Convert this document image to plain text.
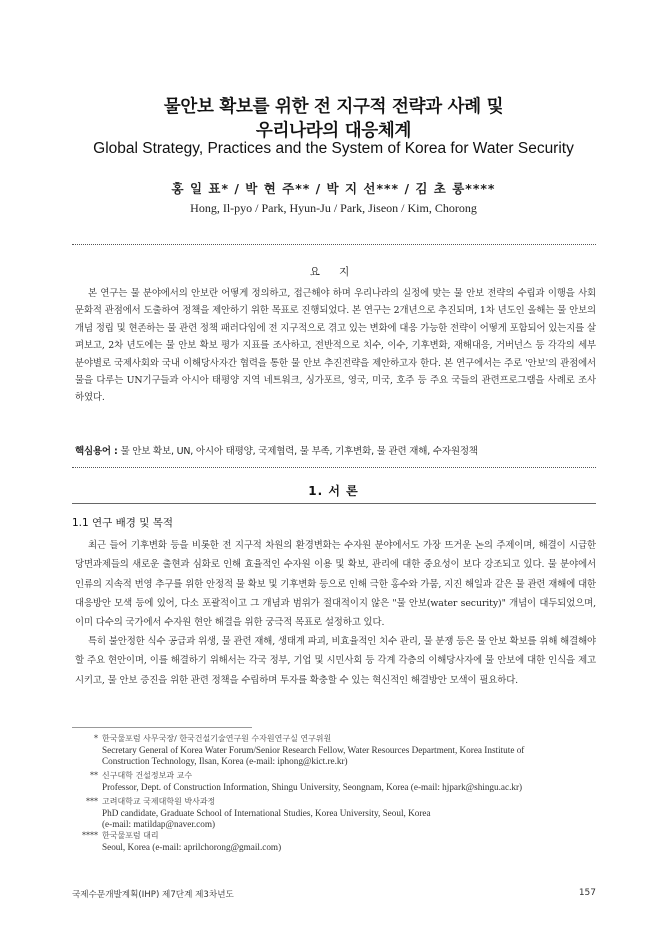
물안보 확보를 위한 전 지구적 전략과 사례 및
우리나라의 대응체계
Global Strategy, Practices and the System of Korea for Water Security
홍 일 표* / 박 현 주** / 박 지 선*** / 김 초 롱****
Hong, Il-pyo / Park, Hyun-Ju / Park, Jiseon / Kim, Chorong
요 지
본 연구는 물 분야에서의 안보란 어떻게 정의하고, 접근해야 하며 우리나라의 실정에 맞는 물 안보 전략의 수립과 이행을 사회문화적 관점에서 도출하여 정책을 제안하기 위한 목표로 진행되었다. 본 연구는 2개년으로 추진되며, 1차 년도인 올해는 물 안보의 개념 정립 및 현존하는 물 관련 정책 패러다임에 전 지구적으로 겪고 있는 변화에 대응 가능한 전략이 어떻게 포함되어 있는지를 살펴보고, 2차 년도에는 물 안보 확보 평가 지표를 조사하고, 전반적으로 치수, 이수, 기후변화, 재해대응, 거버넌스 등 각각의 세부 분야별로 국제사회와 국내 이해당사자간 협력을 통한 물 안보 추진전략을 제안하고자 한다. 본 연구에서는 주로 '안보'의 관점에서 물을 다루는 UN기구들과 아시아 태평양 지역 네트워크, 싱가포르, 영국, 미국, 호주 등 주요 국들의 관련프로그램을 사례로 조사하였다.
핵심용어 : 물 안보 확보, UN, 아시아 태평양, 국제협력, 물 부족, 기후변화, 물 관련 재해, 수자원정책
1. 서 론
1.1 연구 배경 및 목적

최근 들어 기후변화 등을 비롯한 전 지구적 차원의 환경변화는 수자원 분야에서도 가장 뜨거운 논의 주제이며, 해결이 시급한 당면과제들의 새로운 출현과 심화로 인해 효율적인 수자원 이용 및 확보, 관리에 대한 중요성이 보다 강조되고 있다. 물 분야에서 인류의 지속적 번영 추구를 위한 안정적 물 확보 및 기후변화 등으로 인해 극한 홍수와 가뭄, 지진 해일과 같은 물 관련 재해에 대한 대응방안 모색 등에 있어, 다소 포괄적이고 그 개념과 범위가 절대적이지 않은 "물 안보(water security)" 개념이 대두되었으며, 이미 다수의 국가에서 수자원 현안 해결을 위한 궁극적 목표로 설정하고 있다.

특히 불안정한 식수 공급과 위생, 물 관련 재해, 생태계 파괴, 비효율적인 치수 관리, 물 분쟁 등은 물 안보 확보를 위해 해결해야 할 주요 현안이며, 이를 해결하기 위해서는 각국 정부, 기업 및 시민사회 등 각계 각층의 이해당사자에 물 안보에 대한 인식을 제고시키고, 물 안보 증진을 위한 관련 정책을 수립하며 투자를 확충할 수 있는 혁신적인 해결방안 모색이 필요하다.

* 한국물포럼 사무국장/ 한국건설기술연구원 수자원연구실 연구위원
Secretary General of Korea Water Forum/Senior Research Fellow, Water Resources Department, Korea Institute of
Construction Technology, Ilsan, Korea (e-mail: iphong@kict.re.kr)
** 신구대학 건설정보과 교수
Professor, Dept. of Construction Information, Shingu University, Seongnam, Korea (e-mail: hjpark@shingu.ac.kr)
*** 고려대학교 국제대학원 박사과정
PhD candidate, Graduate School of International Studies, Korea University, Seoul, Korea
(e-mail: matildap@naver.com)
**** 한국물포럼 대리
Seoul, Korea (e-mail: aprilchorong@gmail.com)
국제수문개발계획(IHP) 제7단계 제3차년도	157
